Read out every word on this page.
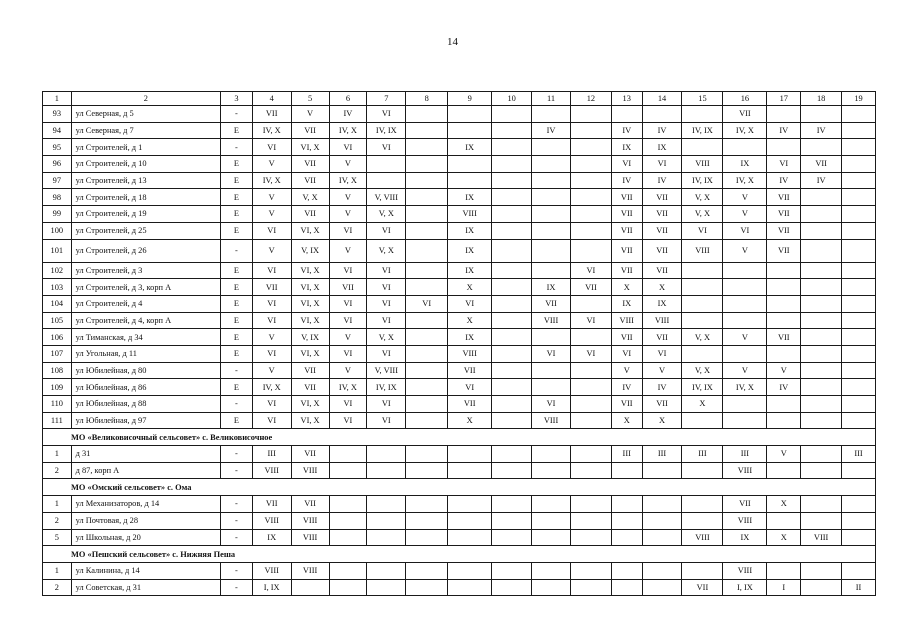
14
1	2	3	4	5	6	7	8	9	10	11	12	13	14	15	16	17	18	19
93	ул Северная, д 5	-	VII	V	IV	VI									VII			
94	ул Северная, д 7	Е	IV, X	VII	IV, X	IV, IX				IV		IV	IV	IV, IX	IV, X	IV	IV	
95	ул Строителей, д 1	-	VI	VI, X	VI	VI		IX				IX	IX					
96	ул Строителей, д 10	Е	V	VII	V							VI	VI	VIII	IX	VI	VII	
97	ул Строителей, д 13	Е	IV, X	VII	IV, X							IV	IV	IV, IX	IV, X	IV	IV	
98	ул Строителей, д 18	Е	V	V, X	V	V, VIII		IX				VII	VII	V, X	V	VII		
99	ул Строителей, д 19	Е	V	VII	V	V, X		VIII				VII	VII	V, X	V	VII		
100	ул Строителей, д 25	Е	VI	VI, X	VI	VI		IX				VII	VII	VI	VI	VII		
101	ул Строителей, д 26	-	V	V, IX	V	V, X		IX				VII	VII	VIII	V	VII		
102	ул Строителей, д 3	Е	VI	VI, X	VI	VI		IX			VI	VII	VII					
103	ул Строителей, д 3, корп А	Е	VII	VI, X	VII	VI		X		IX	VII	X	X					
104	ул Строителей, д 4	Е	VI	VI, X	VI	VI	VI	VI		VII		IX	IX					
105	ул Строителей, д 4, корп А	Е	VI	VI, X	VI	VI		X		VIII	VI	VIII	VIII					
106	ул Тиманская, д 34	Е	V	V, IX	V	V, X		IX				VII	VII	V, X	V	VII		
107	ул Угольная, д 11	Е	VI	VI, X	VI	VI		VIII		VI	VI	VI	VI					
108	ул Юбилейная, д 80	-	V	VII	V	V, VIII		VII				V	V	V, X	V	V		
109	ул Юбилейная, д 86	Е	IV, X	VII	IV, X	IV, IX		VI				IV	IV	IV, IX	IV, X	IV		
110	ул Юбилейная, д 88	-	VI	VI, X	VI	VI		VII		VI		VII	VII	X				
111	ул Юбилейная, д 97	Е	VI	VI, X	VI	VI		X		VIII		X	X					
МО «Великовисочный сельсовет» с. Великовисочное																		
1	д 31	-	III	VII								III	III	III	III	V		III
2	д 87, корп А	-	VIII	VIII											VIII			
МО «Омский сельсовет» с. Ома																		
1	ул Механизаторов, д 14	-	VII	VII											VII	X		
2	ул Почтовая, д 28	-	VIII	VIII											VIII			
5	ул Школьная, д 20	-	IX	VIII										VIII	IX	X	VIII	
МО «Пешский сельсовет» с. Нижняя Пеша																		
1	ул Калинина, д 14	-	VIII	VIII											VIII			
2	ул Советская, д 31	-	I, IX											VII	I, IX	I		II
